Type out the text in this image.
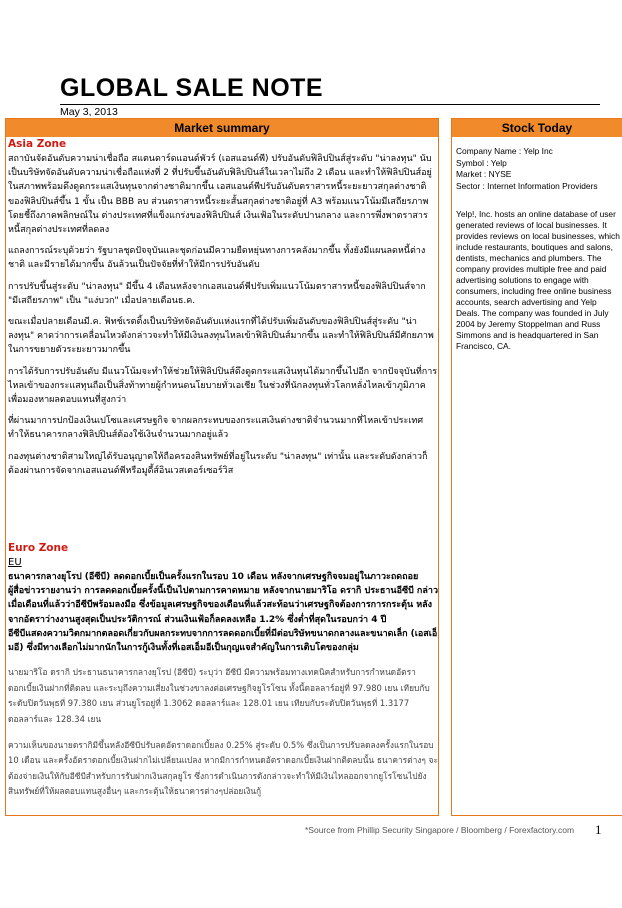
GLOBAL SALE NOTE
May 3, 2013
Market summary
Asia Zone

สถาบันจัดอันดับความน่าเชื่อถือ สแตนดาร์ดแอนด์พัวร์ (เอสแอนด์พี) ปรับอันดับฟิลิปปินส์สู่ระดับ "น่าลงทุน" นับเป็นบริษัทจัดอันดับความน่าเชื่อถือแห่งที่ 2 ที่ปรับขึ้นอันดับฟิลิปปินส์ในเวลาไม่ถึง 2 เดือน และทำให้ฟิลิปปินส์อยู่ในสภาพพร้อมดึงดูดกระแสเงินทุนจากต่างชาติมากขึ้น เอสแอนด์พีปรับอันดับตราสารหนี้ระยะยาวสกุลต่างชาติของฟิลิปปินส์ขึ้น 1 ขั้น เป็น BBB ลบ ส่วนตราสารหนี้ระยะสั้นสกุลต่างชาติอยู่ที่ A3 พร้อมแนวโน้มมีเสถียรภาพ โดยชี้ถึงภาคพลิกษณ์ใน ต่างประเทศที่แข็งแกร่งของฟิลิปปินส์ เงินเฟ้อในระดับปานกลาง และการพึ่งพาตราสารหนี้สกุลต่างประเทศที่ลดลง

แถลงการณ์ระบุด้วยว่า รัฐบาลชุดปัจจุบันและชุดก่อนมีความยืดหยุ่นทางการคลังมากขึ้น ทั้งยังมีแผนลดหนี้ต่างชาติ และมีรายได้มากขึ้น อันล้วนเป็นปัจจัยที่ทำให้มีการปรับอันดับ

การปรับขึ้นสู่ระดับ "น่าลงทุน" มีขึ้น 4 เดือนหลังจากเอสแอนด์พีปรับเพิ่มแนวโน้มตราสารหนี้ของฟิลิปปินส์จาก "มีเสถียรภาพ" เป็น "แง่บวก" เมื่อปลายเดือนธ.ค.

ขณะเมื่อปลายเดือนมี.ค. ฟิทช์เรตติ้งเป็นบริษัทจัดอันดับแห่งแรกที่ได้ปรับเพิ่มอันดับของฟิลิปปินส์สู่ระดับ "น่าลงทุน" คาดว่าการเคลื่อนไหวดังกล่าวจะทำให้มีเงินลงทุนไหลเข้าฟิลิปปินส์มากขึ้น และทำให้ฟิลิปปินส์มีศักยภาพในการขยายตัวระยะยาวมากขึ้น

การได้รับการปรับอันดับ มีแนวโน้มจะทำให้ช่วยให้ฟิลิปปินส์ดึงดูดกระแสเงินทุนได้มากขึ้นไปอีก จากปัจจุบันที่การไหลเข้าของกระแสทุนถือเป็นสิ่งท้าทายผู้กำหนดนโยบายทั่วเอเชีย ในช่วงที่นักลงทุนทั่วโลกหลั่งไหลเข้าภูมิภาคเพื่อมองหาผลตอบแทนที่สูงกว่า

ที่ผ่านมาการปกป้องเงินเปโซและเศรษฐกิจ จากผลกระทบของกระแสเงินต่างชาติจำนวนมากที่ไหลเข้าประเทศ ทำให้ธนาคารกลางฟิลิปปินส์ต้องใช้เงินจำนวนมากอยู่แล้ว

กองทุนต่างชาติสามใหญ่ได้รับอนุญาตให้ถือครองสินทรัพย์ที่อยู่ในระดับ "น่าลงทุน" เท่านั้น และระดับดังกล่าวก็ต้องผ่านการจัดจากเอสแอนด์พีหรือมูดี้ส์อินเวสเตอร์เซอร์วิส

Euro Zone
EU

ธนาคารกลางยุโรป (อีซีบี) ลดดอกเบี้ยเป็นครั้งแรกในรอบ 10 เดือน หลังจากเศรษฐกิจจมอยู่ในภาวะถดถอย

ผู้สื่อข่าวรายงานว่า การลดดอกเบี้ยครั้งนี้เป็นไปตามการคาดหมาย หลังจากนายมาริโอ ดรากิ ประธานอีซีบี กล่าวเมื่อเดือนที่แล้วว่าอีซีบีพร้อมลงมือ ซึ่งข้อมูลเศรษฐกิจของเดือนที่แล้วสะท้อนว่าเศรษฐกิจต้องการการกระตุ้น หลังจากอัตราว่างงานสูงสุดเป็นประวัติการณ์ ส่วนเงินเฟ้อก็ลดลงเหลือ 1.2% ซึ่งต่ำที่สุดในรอบกว่า 4 ปี

อีซีบีแสดงความวิตกมากตลอดเกี่ยวกับผลกระทบจากการลดดอกเบี้ยที่มีต่อบริษัทขนาดกลางและขนาดเล็ก (เอสเอ็มอี) ซึ่งมีทางเลือกไม่มากนักในการกู้เงินทั้งที่เอสเอ็มอีเป็นกุญแจสำคัญในการเติบโตของกลุ่ม

นายมาริโอ ดรากิ ประธานธนาคารกลางยุโรป (อีซีบี) ระบุว่า อีซีบี มีความพร้อมทางเทคนิคสำหรับการกำหนดอัตราดอกเบี้ยเงินฝากที่ติดลบ และระบุถึงความเสี่ยงในช่วงขาลงต่อเศรษฐกิจยูโรโซน ทั้งนี้ดอลลาร์อยู่ที่ 97.980 เยน เทียบกับระดับปิดวันพุธที่ 97.380 เยน ส่วนยูโรอยู่ที่ 1.3062 ดอลลาร์และ 128.01 เยน เทียบกับระดับปิดวันพุธที่ 1.3177 ดอลลาร์และ 128.34 เยน

ความเห็นของนายดรากิมีขึ้นหลังอีซีบีปรับลดอัตราดอกเบี้ยลง 0.25% สู่ระดับ 0.5% ซึ่งเป็นการปรับลดลงครั้งแรกในรอบ 10 เดือน และครั้งอัตราดอกเบี้ยเงินฝากไม่เปลี่ยนแปลง หากมีการกำหนดอัตราดอกเบี้ยเงินฝากติดลบนั้น ธนาคารต่างๆ จะต้องจ่ายเงินให้กับอีซีบีสำหรับการรับฝากเงินสกุลยูโร ซึ่งการดำเนินการดังกล่าวจะทำให้มีเงินไหลออกจากยูโรโซนไปยังสินทรัพย์ที่ให้ผลตอบแทนสูงอื่นๆ และกระตุ้นให้ธนาคารต่างๆปล่อยเงินกู้

Stock Today
Company Name : Yelp Inc
Symbol : Yelp
Market : NYSE
Sector : Internet Information Providers

Yelp!, Inc. hosts an online database of user generated reviews of local businesses. It provides reviews on local businesses, which include restaurants, boutiques and salons, dentists, mechanics and plumbers. The company provides multiple free and paid advertising solutions to engage with consumers, including free online business accounts, search advertising and Yelp Deals. The company was founded in July 2004 by Jeremy Stoppelman and Russ Simmons and is headquartered in San Francisco, CA.

*Source from Phillip Security Singapore / Bloomberg / Forexfactory.com 1
